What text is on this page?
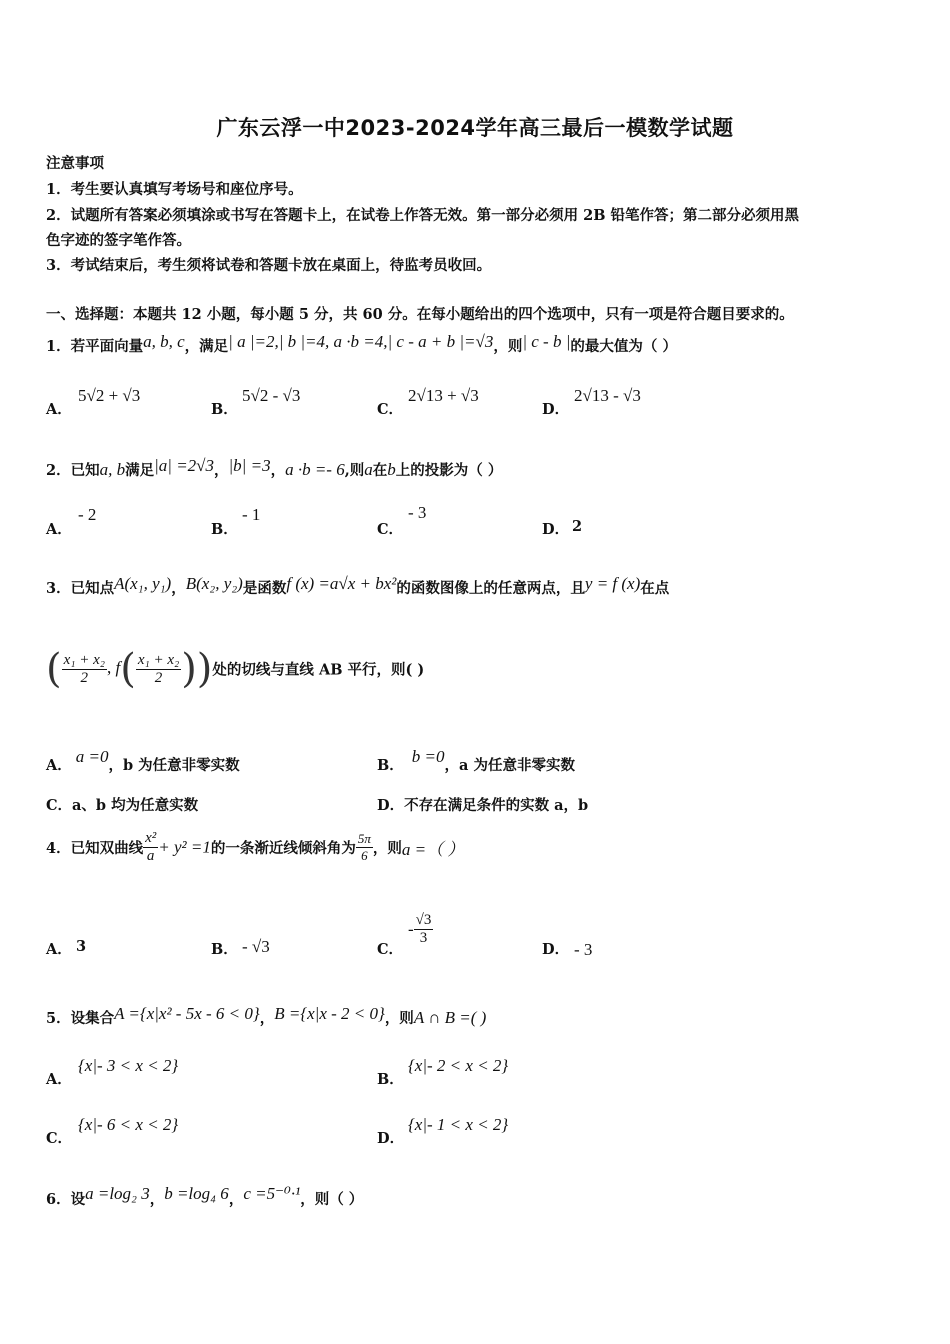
广东云浮一中2023-2024学年高三最后一模数学试题
注意事项
1．考生要认真填写考场号和座位序号。
2．试题所有答案必须填涂或书写在答题卡上，在试卷上作答无效。第一部分必须用 2B 铅笔作答；第二部分必须用黑
色字迹的签字笔作答。
3．考试结束后，考生须将试卷和答题卡放在桌面上，待监考员收回。
一、选择题：本题共 12 小题，每小题 5 分，共 60 分。在每小题给出的四个选项中，只有一项是符合题目要求的。
1．若平面向量a, b, c，满足| a |=2,| b |=4, a ·b =4,| c - a + b |=√3，则| c - b |的最大值为（ ）
A．
5√2 + √3
B．
5√2 - √3
C．
2√13 + √3
D．
2√13 - √3
2．已知a, b满足|a| =2√3，|b| =3，a ·b =- 6,则a在b上的投影为（ ）
A．
- 2
B．
- 1
C．
- 3
D． 2
3．已知点A(x₁, y₁)，B(x₂, y₂)是函数f (x) =a√x + bx²的函数图像上的任意两点，且y = f (x)在点
( $\frac{\text{x₁ + x₂}}{2}$ , $f( \frac{\text{x₁ + x₂}}{2}$ ))处的切线与直线 AB 平行，则( )
A． a =0，b 为任意非零实数	B． b =0，a 为任意非零实数
C．a、b 均为任意实数	D．不存在满足条件的实数 a，b
4．已知双曲线 $\frac{\text{x²}}{a} + y^2 =1$的一条渐近线倾斜角为 $\frac{5\pi}{6}$ ，则a =（ ）
A． 3	B． - √3	C．
- $\frac{√3}{3}$
D． - 3
5．设集合A ={x|x² - 5x - 6 < 0}，B ={x|x - 2 < 0}，则A ∩ B =( )
A．
{x|- 3 < x < 2}
B．
{x|- 2 < x < 2}
C．
{x|- 6 < x < 2}
D．
{x|- 1 < x < 2}
6．设a =log₂ 3，b =log₄ 6，c =5⁻⁰·¹，则（ ）
